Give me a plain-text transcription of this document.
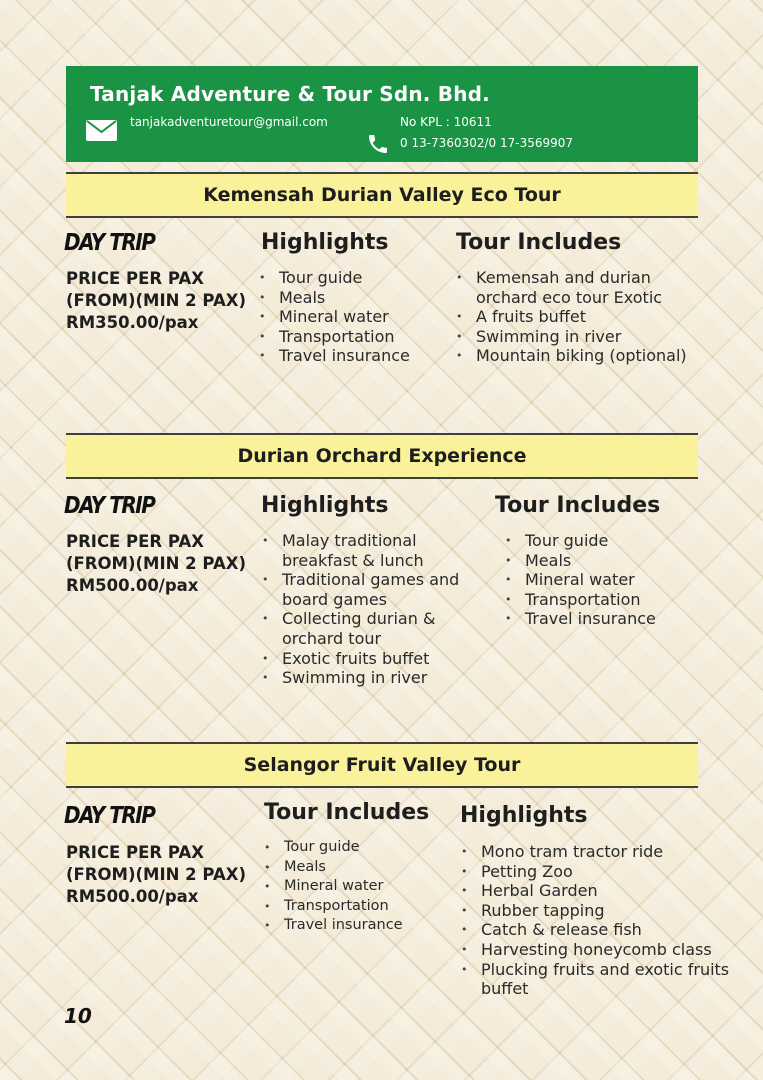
Tanjak Adventure & Tour Sdn. Bhd.
tanjakadventuretour@gmail.com	No KPL : 10611
0 13-7360302/0 17-3569907
Kemensah Durian Valley Eco Tour
DAY TRIP
PRICE PER PAX
(FROM)(MIN 2 PAX)
RM350.00/pax
Highlights
• Tour guide
• Meals
• Mineral water
• Transportation
• Travel insurance
Tour Includes
• Kemensah and durian orchard eco tour Exotic
• A fruits buffet
• Swimming in river
• Mountain biking (optional)
Durian Orchard Experience
DAY TRIP
PRICE PER PAX
(FROM)(MIN 2 PAX)
RM500.00/pax
Highlights
• Malay traditional breakfast & lunch
• Traditional games and board games
• Collecting durian & orchard tour
• Exotic fruits buffet
• Swimming in river
Tour Includes
• Tour guide
• Meals
• Mineral water
• Transportation
• Travel insurance
Selangor Fruit Valley Tour
DAY TRIP
PRICE PER PAX
(FROM)(MIN 2 PAX)
RM500.00/pax
Tour Includes
• Tour guide
• Meals
• Mineral water
• Transportation
• Travel insurance
Highlights
• Mono tram tractor ride
• Petting Zoo
• Herbal Garden
• Rubber tapping
• Catch & release fish
• Harvesting honeycomb class
• Plucking fruits and exotic fruits buffet
10
